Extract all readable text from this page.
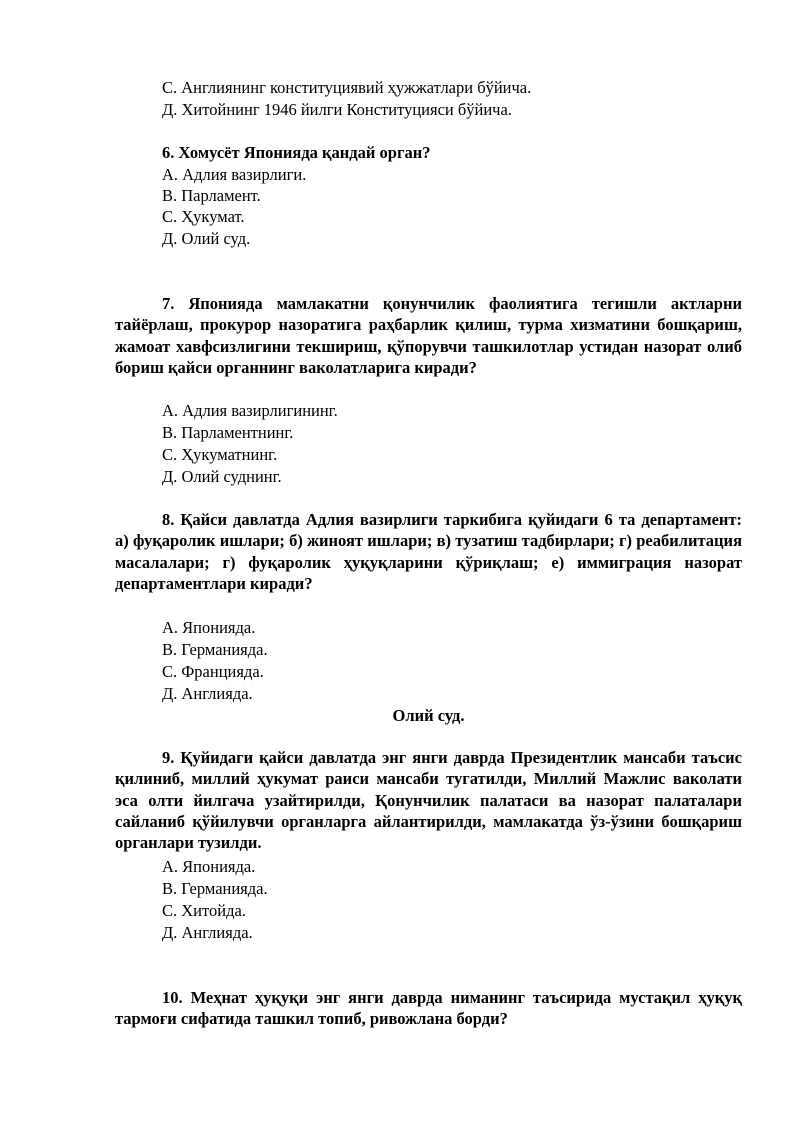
C. Англиянинг конституциявий ҳужжатлари бўйича.
Д. Хитойнинг 1946 йилги Конституцияси бўйича.
6. Хомусёт Японияда қандай орган?
A. Адлия вазирлиги.
B. Парламент.
C. Ҳукумат.
Д. Олий суд.
7. Японияда мамлакатни қонунчилик фаолиятига тегишли актларни тайёрлаш, прокурор назоратига раҳбарлик қилиш, турма хизматини бошқариш, жамоат хавфсизлигини текшириш, қўпорувчи ташкилотлар устидан назорат олиб бориш қайси органнинг ваколатларига киради?
A. Адлия вазирлигининг.
B. Парламентнинг.
C. Ҳукуматнинг.
Д. Олий суднинг.
8. Қайси давлатда Адлия вазирлиги таркибига қуйидаги 6 та департамент: а) фуқаролик ишлари; б) жиноят ишлари; в) тузатиш тадбирлари; г) реабилитация масалалари; г) фуқаролик ҳуқуқларини қўриқлаш; е) иммиграция назорат департаментлари киради?
A. Японияда.
B. Германияда.
C. Францияда.
Д. Англияда.
Олий суд.
9. Қуйидаги қайси давлатда энг янги даврда Президентлик мансаби таъсис қилиниб, миллий ҳукумат раиси мансаби тугатилди, Миллий Мажлис ваколати эса олти йилгача узайтирилди, Қонунчилик палатаси ва назорат палаталари сайланиб қўйилувчи органларга айлантирилди, мамлакатда ўз-ўзини бошқариш органлари тузилди.
A. Японияда.
B. Германияда.
C. Хитойда.
Д. Англияда.
10. Меҳнат ҳуқуқи энг янги даврда ниманинг таъсирида мустақил ҳуқуқ тармоғи сифатида ташкил топиб, ривожлана борди?
